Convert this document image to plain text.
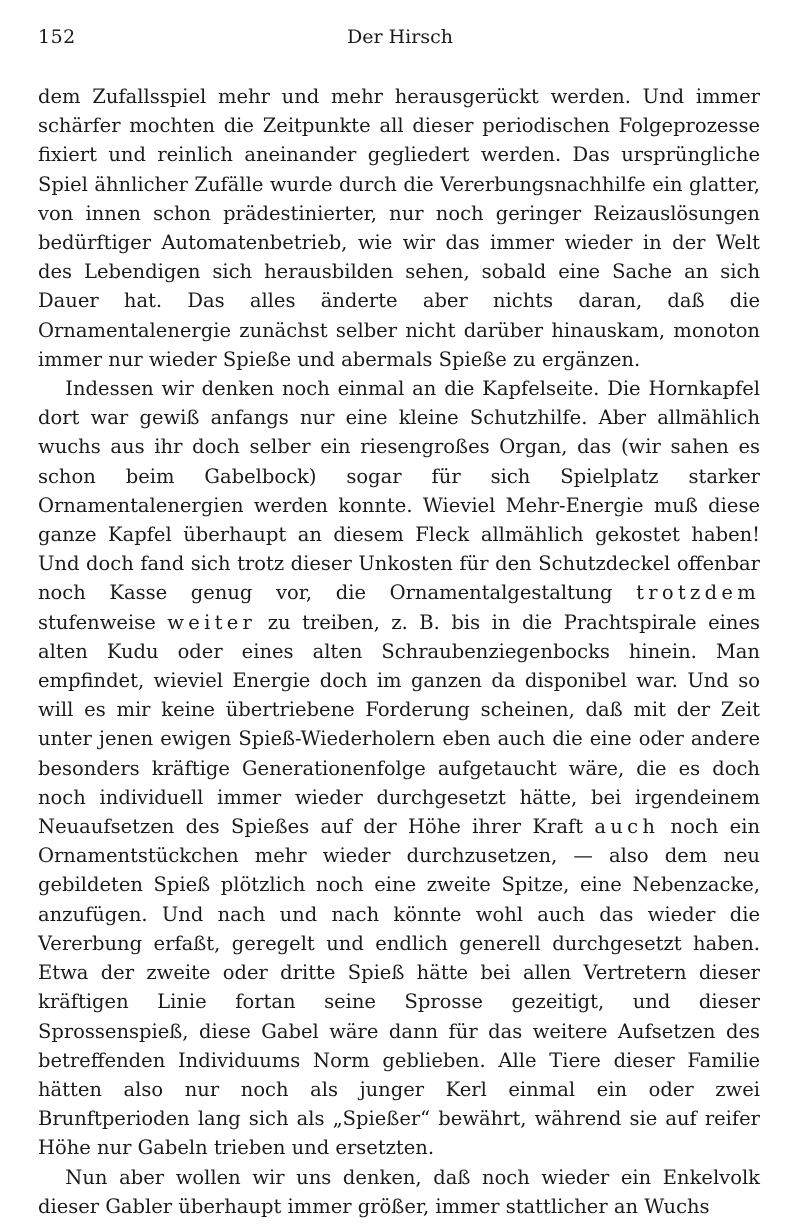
152	Der Hirsch

dem Zufallsspiel mehr und mehr herausgerückt werden. Und immer schärfer mochten die Zeitpunkte all dieser periodischen Folgeprozesse fixiert und reinlich aneinander gegliedert werden. Das ursprüngliche Spiel ähnlicher Zufälle wurde durch die Vererbungsnachhilfe ein glatter, von innen schon prädestinierter, nur noch geringer Reizauslösungen bedürftiger Automatenbetrieb, wie wir das immer wieder in der Welt des Lebendigen sich herausbilden sehen, sobald eine Sache an sich Dauer hat. Das alles änderte aber nichts daran, daß die Ornamentalenergie zunächst selber nicht darüber hinauskam, monoton immer nur wieder Spieße und abermals Spieße zu ergänzen.

Indessen wir denken noch einmal an die Kapfelseite. Die Hornkapfel dort war gewiß anfangs nur eine kleine Schutzhilfe. Aber allmählich wuchs aus ihr doch selber ein riesengroßes Organ, das (wir sahen es schon beim Gabelbock) sogar für sich Spielplatz starker Ornamentalenergien werden konnte. Wieviel Mehr-Energie muß diese ganze Kapfel überhaupt an diesem Fleck allmählich gekostet haben! Und doch fand sich trotz dieser Unkosten für den Schutzdeckel offenbar noch Kasse genug vor, die Ornamentalgestaltung trotzdem stufenweise weiter zu treiben, z. B. bis in die Prachtspirale eines alten Kudu oder eines alten Schraubenziegenbocks hinein. Man empfindet, wieviel Energie doch im ganzen da disponibel war. Und so will es mir keine übertriebene Forderung scheinen, daß mit der Zeit unter jenen ewigen Spieß-Wiederholern eben auch die eine oder andere besonders kräftige Generationenfolge aufgetaucht wäre, die es doch noch individuell immer wieder durchgesetzt hätte, bei irgendeinem Neuaufsetzen des Spießes auf der Höhe ihrer Kraft auch noch ein Ornamentstückchen mehr wieder durchzusetzen, — also dem neu gebildeten Spieß plötzlich noch eine zweite Spitze, eine Nebenzacke, anzufügen. Und nach und nach könnte wohl auch das wieder die Vererbung erfaßt, geregelt und endlich generell durchgesetzt haben. Etwa der zweite oder dritte Spieß hätte bei allen Vertretern dieser kräftigen Linie fortan seine Sprosse gezeitigt, und dieser Sprossenspieß, diese Gabel wäre dann für das weitere Aufsetzen des betreffenden Individuums Norm geblieben. Alle Tiere dieser Familie hätten also nur noch als junger Kerl einmal ein oder zwei Brunftperioden lang sich als „Spießer“ bewährt, während sie auf reifer Höhe nur Gabeln trieben und ersetzten.

Nun aber wollen wir uns denken, daß noch wieder ein Enkelvolk dieser Gabler überhaupt immer größer, immer stattlicher an Wuchs
